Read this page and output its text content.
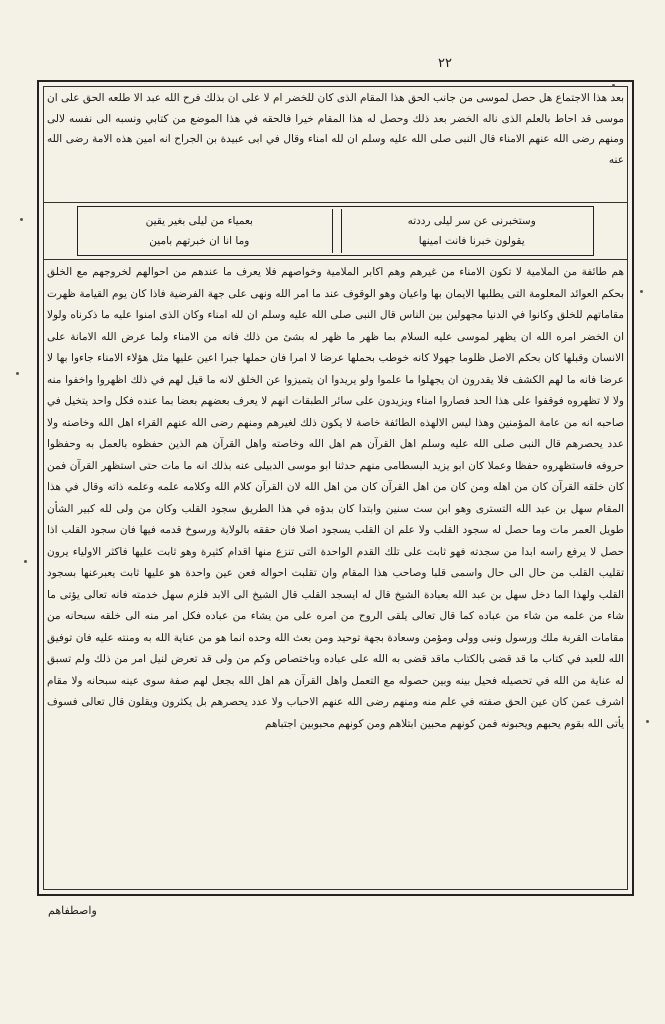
٢٢

بعد هذا الاجتماع هل حصل لموسى من جانب الحق هذا المقام الذى كان للخضر ام لا على ان بذلك فرح الله عبد الا طلعه الحق على ان موسى قد احاط بالعلم الذى ناله الخضر بعد ذلك وحصل له هذا المقام خيرا فالحقه في هذا الموضع من كتابي ونسبه الى نفسه لالى ومنهم رضى الله عنهم الامناء قال النبى صلى الله عليه وسلم ان لله امناء وقال في ابى عبيدة بن الجراح انه امين هذه الامة رضى الله عنه

وستخبرنى عن سر ليلى رددته
يقولون خبرنا فانت امينها
بعمياء من ليلى بغير يقين
وما انا ان خبرتهم بامين

هم طائفة من الملامية لا تكون الامناء من غيرهم وهم اكابر الملامية وخواصهم فلا يعرف ما عندهم من احوالهم لخروجهم مع الخلق بحكم العوائد المعلومة التى يطلبها الايمان بها واعيان وهو الوقوف عند ما امر الله ونهى على جهة الفرضية فاذا كان يوم القيامة ظهرت مقاماتهم للخلق وكانوا في الدنيا مجهولين بين الناس قال النبى صلى الله عليه وسلم ان لله امناء وكان الذى امنوا عليه ما ذكرناه ولولا ان الخضر امره الله ان يظهر لموسى عليه السلام بما ظهر ما ظهر له بشئ من ذلك فانه من الامناء ولما عرض الله الامانة على الانسان وقبلها كان بحكم الاصل ظلوما جهولا كانه خوطب بحملها عرضا لا امرا فان حملها جبرا اعين عليها مثل هؤلاء الامناء جاءوا بها لا عرضا فانه ما لهم الكشف فلا يقدرون ان يجهلوا ما علموا ولو يريدوا ان يتميزوا عن الخلق لانه ما قيل لهم في ذلك اظهروا واخفوا منه ولا لا تظهروه فوقفوا على هذا الحد فصاروا امناء ويزيدون على سائر الطبقات انهم لا يعرف بعضهم بعضا بما عنده فكل واحد يتخيل في صاحبه انه من عامة المؤمنين وهذا ليس الالهذه الطائفة خاصة لا يكون ذلك لغيرهم ومنهم رضى الله عنهم القراء اهل الله وخاصته ولا عدد يحصرهم قال النبى صلى الله عليه وسلم اهل القرآن هم اهل الله وخاصته واهل القرآن هم الذين حفظوه بالعمل به وحفظوا حروفه فاستظهروه حفظا وعملا كان ابو يزيد البسطامى منهم حدثنا ابو موسى الدبيلى عنه بذلك انه ما مات حتى استظهر القرآن فمن كان خلقه القرآن كان من اهله ومن كان من اهل القرآن كان من اهل الله لان القرآن كلام الله وكلامه علمه وعلمه ذاته وقال في هذا المقام سهل بن عبد الله التسترى وهو ابن ست سنين وابتدا كان بدؤه في هذا الطريق سجود القلب وكان من ولى لله كبير الشأن طويل العمر مات وما حصل له سجود القلب ولا علم ان القلب يسجود اصلا فان حققه بالولاية ورسوخ قدمه فيها فان سجود القلب اذا حصل لا يرفع راسه ابدا من سجدته فهو ثابت على تلك القدم الواحدة التى تنزع منها اقدام كثيرة وهو ثابت عليها فاكثر الاولياء يرون تقليب القلب من حال الى حال واسمى قلبا وصاحب هذا المقام وان تقلبت احواله فعن عين واحدة هو عليها ثابت يعبرعنها بسجود القلب ولهذا الما دخل سهل بن عبد الله بعبادة الشيخ قال له ايسجد القلب قال الشيخ الى الابد فلزم سهل خدمته فانه تعالى يؤتى ما شاء من علمه من شاء من عباده كما قال تعالى يلقى الروح من امره على من يشاء من عباده فكل امر منه الى خلقه سبحانه من مقامات القربة ملك ورسول ونبى وولى ومؤمن وسعادة بجهة توحيد ومن بعث الله وحده انما هو من عناية الله به ومنته عليه فان توفيق الله للعبد في كتاب ما قد قضى بالكتاب ماقد قضى به الله على عباده وباختصاص وكم من ولى قد تعرض لنيل امر من ذلك ولم تسبق له عناية من الله في تحصيله فحيل بينه وبين حصوله مع التعمل واهل القرآن هم اهل الله بجعل لهم صفة سوى عينه سبحانه ولا مقام اشرف عمن كان عين الحق صفته في علم منه ومنهم رضى الله عنهم الاحباب ولا عدد يحصرهم بل يكثرون ويقلون قال تعالى فسوف يأتى الله بقوم يحبهم ويحبونه فمن كونهم محبين ابتلاهم ومن كونهم محبوبين اجتباهم

واصطفاهم
